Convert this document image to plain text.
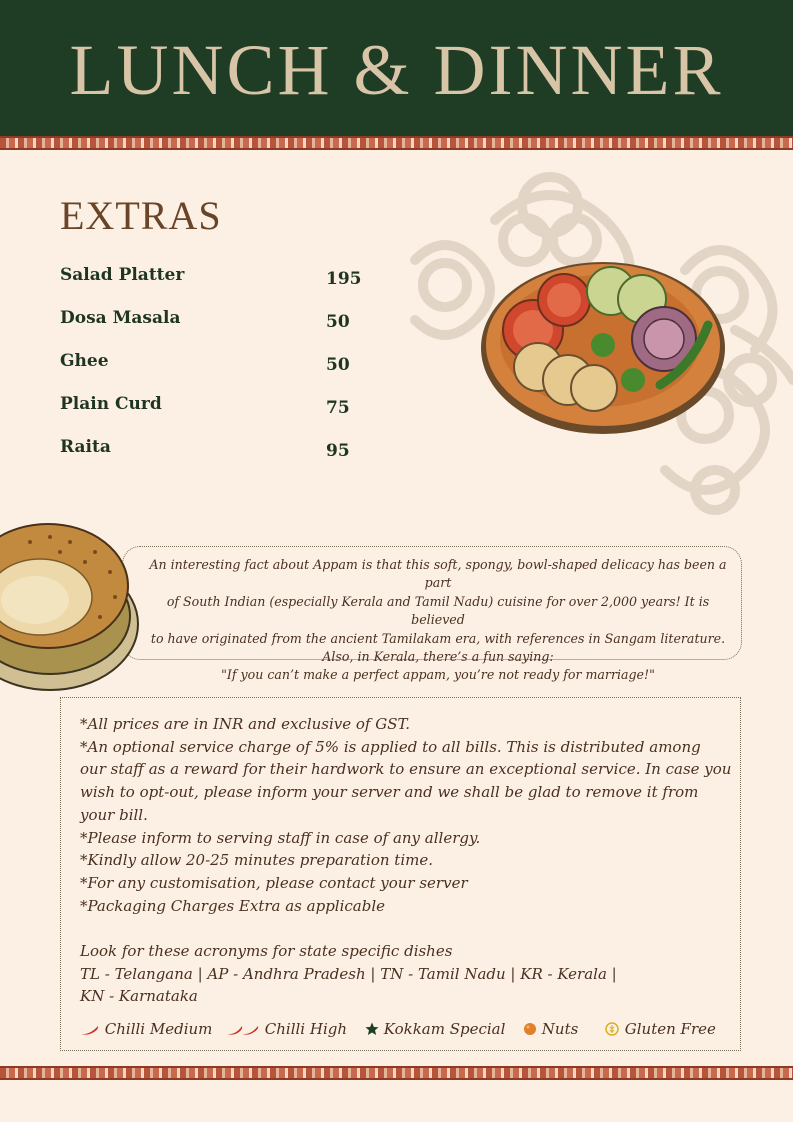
LUNCH & DINNER
EXTRAS
Salad Platter	195
Dosa Masala	50
Ghee	50
Plain Curd	75
Raita	95
An interesting fact about Appam is that this soft, spongy, bowl-shaped delicacy has been a part
of South Indian (especially Kerala and Tamil Nadu) cuisine for over 2,000 years! It is believed
to have originated from the ancient Tamilakam era, with references in Sangam literature.
Also, in Kerala, there’s a fun saying:
"If you can’t make a perfect appam, you’re not ready for marriage!"
*All prices are in INR and exclusive of GST.
*An optional service charge of 5% is applied to all bills. This is distributed among
our staff as a reward for their hardwork to ensure an exceptional service. In case you
wish to opt-out, please inform your server and we shall be glad to remove it from
your bill.
*Please inform to serving staff in case of any allergy.
*Kindly allow 20-25 minutes preparation time.
*For any customisation, please contact your server
*Packaging Charges Extra as applicable
Look for these acronyms for state specific dishes
TL - Telangana | AP - Andhra Pradesh | TN - Tamil Nadu | KR - Kerala |
KN - Karnataka
Chilli Medium	Chilli High	Kokkam Special	Nuts	Gluten Free
